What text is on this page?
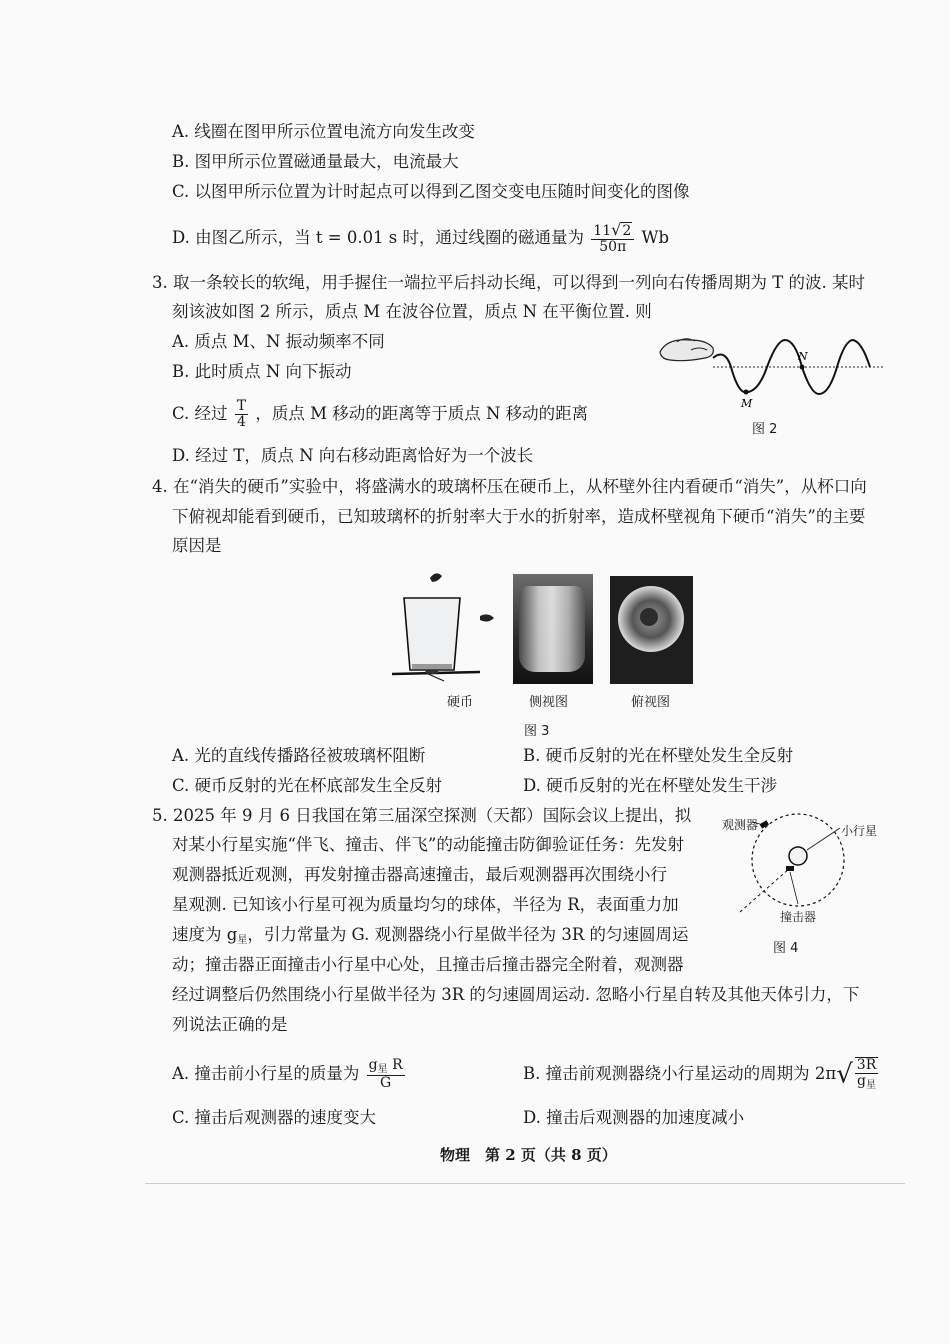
A. 线圈在图甲所示位置电流方向发生改变
B. 图甲所示位置磁通量最大，电流最大
C. 以图甲所示位置为计时起点可以得到乙图交变电压随时间变化的图像
D. 由图乙所示，当 t = 0.01 s 时，通过线圈的磁通量为 $\frac{11√2}{50\pi}$ Wb
3. 取一条较长的软绳，用手握住一端拉平后抖动长绳，可以得到一列向右传播周期为 T 的波. 某时
刻该波如图 2 所示，质点 M 在波谷位置，质点 N 在平衡位置. 则
A. 质点 M、N 振动频率不同
B. 此时质点 N 向下振动
C. 经过 $\frac{T}{4}$ ，质点 M 移动的距离等于质点 N 移动的距离
D. 经过 T，质点 N 向右移动距离恰好为一个波长
M
N
图 2
4. 在“消失的硬币”实验中，将盛满水的玻璃杯压在硬币上，从杯壁外往内看硬币“消失”，从杯口向
下俯视却能看到硬币，已知玻璃杯的折射率大于水的折射率，造成杯壁视角下硬币“消失”的主要
原因是
硬币	侧视图	俯视图
图 3
A. 光的直线传播路径被玻璃杯阻断	B. 硬币反射的光在杯壁处发生全反射
C. 硬币反射的光在杯底部发生全反射	D. 硬币反射的光在杯壁处发生干涉
5. 2025 年 9 月 6 日我国在第三届深空探测（天都）国际会议上提出，拟
对某小行星实施“伴飞、撞击、伴飞”的动能撞击防御验证任务：先发射
观测器抵近观测，再发射撞击器高速撞击，最后观测器再次围绕小行
星观测. 已知该小行星可视为质量均匀的球体，半径为 R，表面重力加
速度为 $g_星$，引力常量为 G. 观测器绕小行星做半径为 3R 的匀速圆周运
动；撞击器正面撞击小行星中心处，且撞击后撞击器完全附着，观测器
经过调整后仍然围绕小行星做半径为 3R 的匀速圆周运动. 忽略小行星自转及其他天体引力，下
列说法正确的是
观测器	小行星
撞击器
图 4
A. 撞击前小行星的质量为 $\frac{g_星 R}{G}$	B. 撞击前观测器绕小行星运动的周期为 $2\pi√ \frac{3R}{g_星}$
C. 撞击后观测器的速度变大	D. 撞击后观测器的加速度减小
物理　第 2 页（共 8 页）
